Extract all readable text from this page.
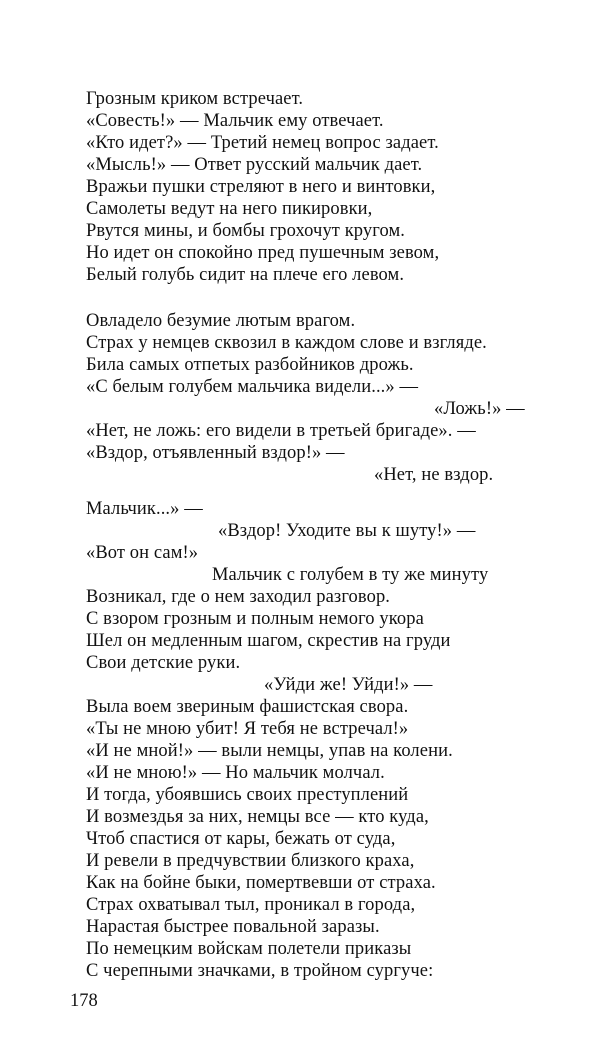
Грозным криком встречает.
«Совесть!» — Мальчик ему отвечает.
«Кто идет?» — Третий немец вопрос задает.
«Мысль!» — Ответ русский мальчик дает.
Вражьи пушки стреляют в него и винтовки,
Самолеты ведут на него пикировки,
Рвутся мины, и бомбы грохочут кругом.
Но идет он спокойно пред пушечным зевом,
Белый голубь сидит на плече его левом.
Овладело безумие лютым врагом.
Страх у немцев сквозил в каждом слове и взгляде.
Била самых отпетых разбойников дрожь.
«С белым голубем мальчика видели...» —
«Ложь!» —
«Нет, не ложь: его видели в третьей бригаде». —
«Вздор, отъявленный вздор!» —
«Нет, не вздор.
Мальчик...» —
«Вздор! Уходите вы к шуту!» —
«Вот он сам!»
Мальчик с голубем в ту же минуту
Возникал, где о нем заходил разговор.
С взором грозным и полным немого укора
Шел он медленным шагом, скрестив на груди
Свои детские руки.
«Уйди же! Уйди!» —
Выла воем звериным фашистская свора.
«Ты не мною убит! Я тебя не встречал!»
«И не мной!» — выли немцы, упав на колени.
«И не мною!» — Но мальчик молчал.
И тогда, убоявшись своих преступлений
И возмездья за них, немцы все — кто куда,
Чтоб спастися от кары, бежать от суда,
И ревели в предчувствии близкого краха,
Как на бойне быки, помертвевши от страха.
Страх охватывал тыл, проникал в города,
Нарастая быстрее повальной заразы.
По немецким войскам полетели приказы
С черепными значками, в тройном сургуче:
178
